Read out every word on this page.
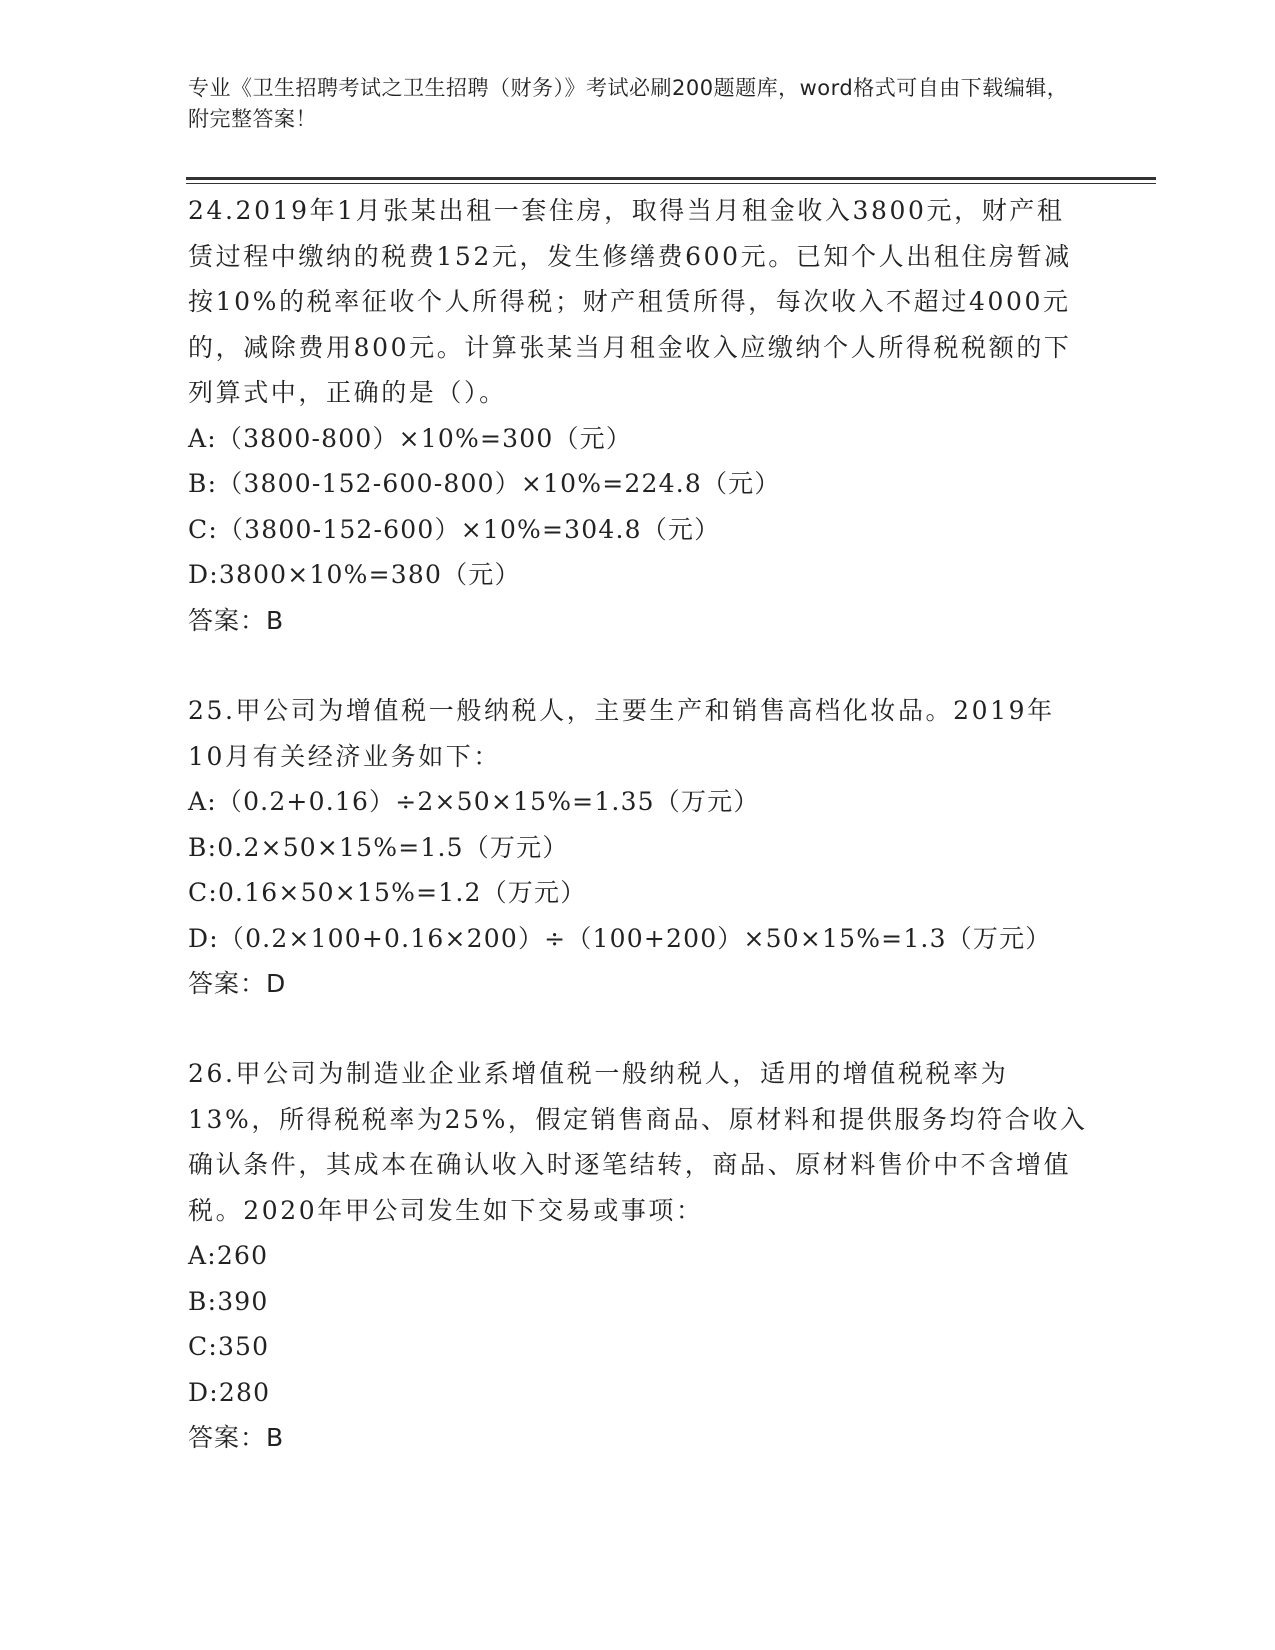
专业《卫生招聘考试之卫生招聘（财务）》考试必刷200题题库，word格式可自由下载编辑，附完整答案！

24.2019年1月张某出租一套住房，取得当月租金收入3800元，财产租赁过程中缴纳的税费152元，发生修缮费600元。已知个人出租住房暂减按10%的税率征收个人所得税；财产租赁所得，每次收入不超过4000元的，减除费用800元。计算张某当月租金收入应缴纳个人所得税税额的下列算式中，正确的是（）。

A:（3800-800）×10%=300（元）

B:（3800-152-600-800）×10%=224.8（元）

C:（3800-152-600）×10%=304.8（元）

D:3800×10%=380（元）

答案：B

25.甲公司为增值税一般纳税人，主要生产和销售高档化妆品。2019年10月有关经济业务如下：

A:（0.2+0.16）÷2×50×15%=1.35（万元）

B:0.2×50×15%=1.5（万元）

C:0.16×50×15%=1.2（万元）

D:（0.2×100+0.16×200）÷（100+200）×50×15%=1.3（万元）

答案：D

26.甲公司为制造业企业系增值税一般纳税人，适用的增值税税率为13%，所得税税率为25%，假定销售商品、原材料和提供服务均符合收入确认条件，其成本在确认收入时逐笔结转，商品、原材料售价中不含增值税。2020年甲公司发生如下交易或事项：

A:260

B:390

C:350

D:280

答案：B
